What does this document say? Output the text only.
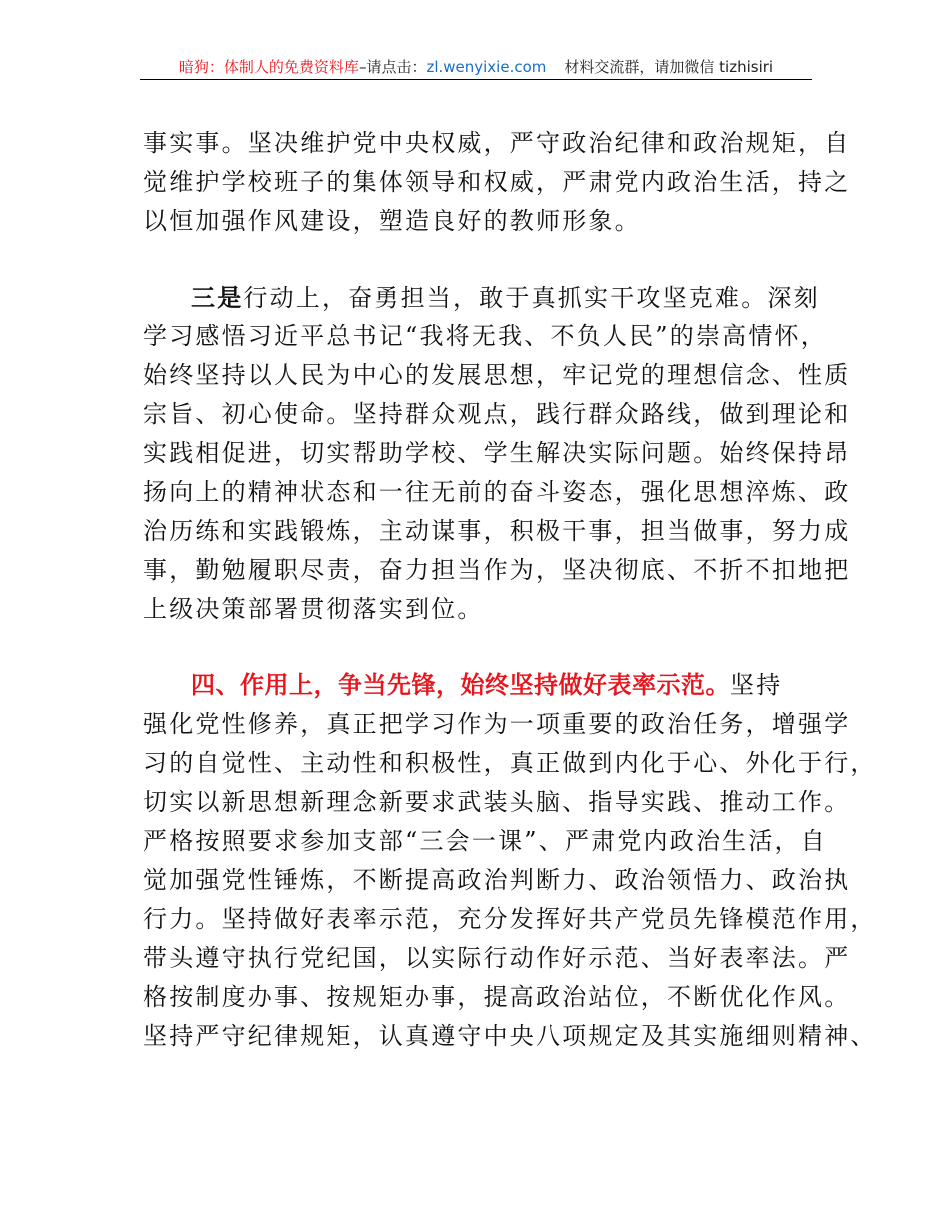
暗狗：体制人的免费资料库–请点击：zl.wenyixie.com 材料交流群，请加微信 tizhisiri
事实事。坚决维护党中央权威，严守政治纪律和政治规矩，自
觉维护学校班子的集体领导和权威，严肃党内政治生活，持之
以恒加强作风建设，塑造良好的教师形象。
三是行动上，奋勇担当，敢于真抓实干攻坚克难。深刻
学习感悟习近平总书记“我将无我、不负人民”的崇高情怀，
始终坚持以人民为中心的发展思想，牢记党的理想信念、性质
宗旨、初心使命。坚持群众观点，践行群众路线，做到理论和
实践相促进，切实帮助学校、学生解决实际问题。始终保持昂
扬向上的精神状态和一往无前的奋斗姿态，强化思想淬炼、政
治历练和实践锻炼，主动谋事，积极干事，担当做事，努力成
事，勤勉履职尽责，奋力担当作为，坚决彻底、不折不扣地把
上级决策部署贯彻落实到位。
四、作用上，争当先锋，始终坚持做好表率示范。坚持
强化党性修养，真正把学习作为一项重要的政治任务，增强学
习的自觉性、主动性和积极性，真正做到内化于心、外化于行，
切实以新思想新理念新要求武装头脑、指导实践、推动工作。
严格按照要求参加支部“三会一课”、严肃党内政治生活，自
觉加强党性锤炼，不断提高政治判断力、政治领悟力、政治执
行力。坚持做好表率示范，充分发挥好共产党员先锋模范作用，
带头遵守执行党纪国，以实际行动作好示范、当好表率法。严
格按制度办事、按规矩办事，提高政治站位，不断优化作风。
坚持严守纪律规矩，认真遵守中央八项规定及其实施细则精神、
